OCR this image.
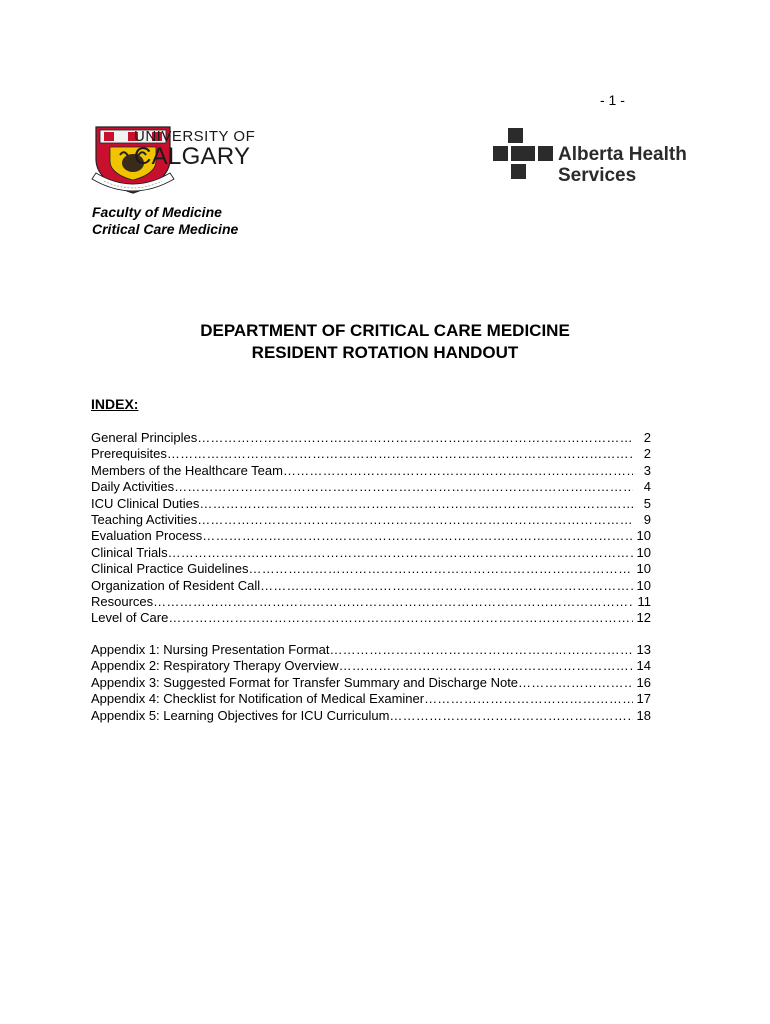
- 1 -
UNIVERSITY OF
CALGARY	Alberta Health
Services
Faculty of Medicine
Critical Care Medicine
DEPARTMENT OF CRITICAL CARE MEDICINE
RESIDENT ROTATION HANDOUT
INDEX:
General Principles ………………………………………………………………………………………………………………………………………………………………	2
Prerequisites ………………………………………………………………………………………………………………………………………………………………	2
Members of the Healthcare Team ………………………………………………………………………………………………………………………………………………………………	3
Daily Activities ………………………………………………………………………………………………………………………………………………………………	4
ICU Clinical Duties ………………………………………………………………………………………………………………………………………………………………	5
Teaching Activities ………………………………………………………………………………………………………………………………………………………………	9
Evaluation Process ………………………………………………………………………………………………………………………………………………………………	10
Clinical Trials ………………………………………………………………………………………………………………………………………………………………	10
Clinical Practice Guidelines ………………………………………………………………………………………………………………………………………………………………	10
Organization of Resident Call ………………………………………………………………………………………………………………………………………………………………	10
Resources ………………………………………………………………………………………………………………………………………………………………	11
Level of Care ………………………………………………………………………………………………………………………………………………………………	12
Appendix 1: Nursing Presentation Format ………………………………………………………………………………………………………………………………………………………………	13
Appendix 2: Respiratory Therapy Overview ………………………………………………………………………………………………………………………………………………………………	14
Appendix 3: Suggested Format for Transfer Summary and Discharge Note ………………………………………………………………………………………………………………………………………………………………	16
Appendix 4: Checklist for Notification of Medical Examiner ………………………………………………………………………………………………………………………………………………………………	17
Appendix 5: Learning Objectives for ICU Curriculum ………………………………………………………………………………………………………………………………………………………………	18
